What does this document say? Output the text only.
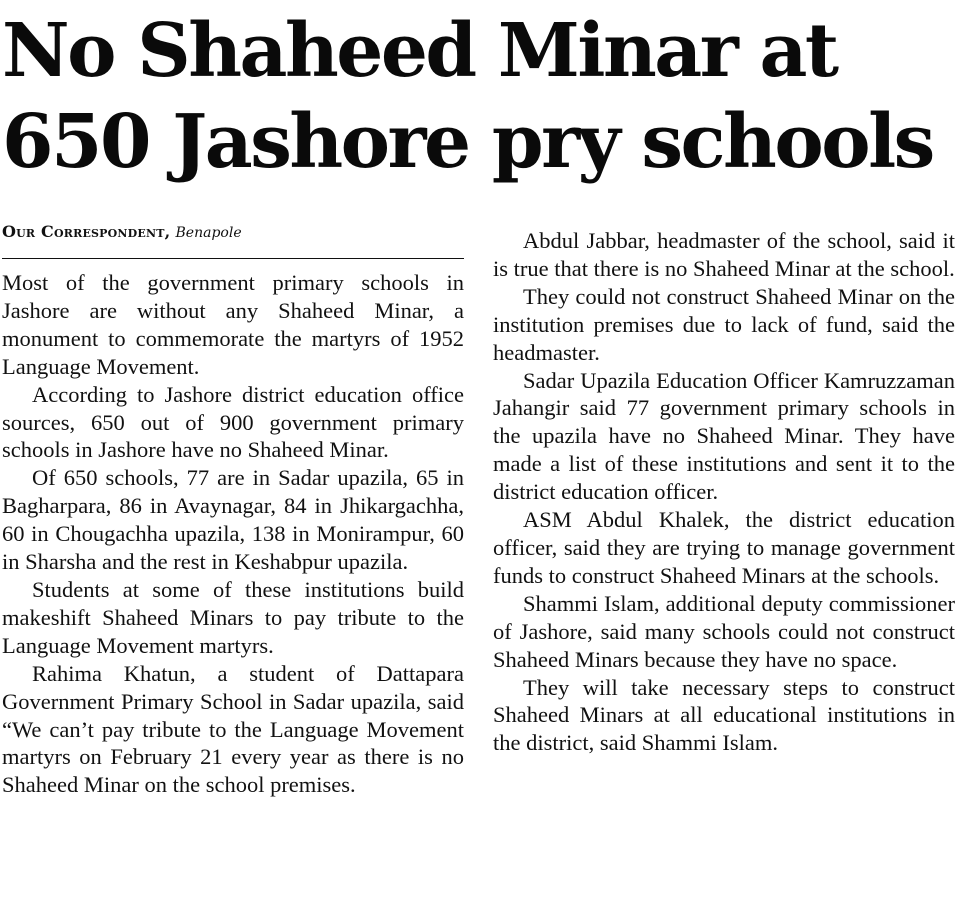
No Shaheed Minar at
650 Jashore pry schools
Our Correspondent, Benapole

Most of the government primary schools in Jashore are without any Shaheed Minar, a monument to commemorate the martyrs of 1952 Language Movement.

According to Jashore district education office sources, 650 out of 900 government primary schools in Jashore have no Shaheed Minar.

Of 650 schools, 77 are in Sadar upazila, 65 in Bagharpara, 86 in Avaynagar, 84 in Jhikargachha, 60 in Chougachha upazila, 138 in Monirampur, 60 in Sharsha and the rest in Keshabpur upazila.

Students at some of these institutions build makeshift Shaheed Minars to pay tribute to the Language Movement martyrs.

Rahima Khatun, a student of Dattapara Government Primary School in Sadar upazila, said “We can’t pay tribute to the Language Movement martyrs on February 21 every year as there is no Shaheed Minar on the school premises.

Abdul Jabbar, headmaster of the school, said it is true that there is no Shaheed Minar at the school.

They could not construct Shaheed Minar on the institution premises due to lack of fund, said the headmaster.

Sadar Upazila Education Officer Kamruzzaman Jahangir said 77 government primary schools in the upazila have no Shaheed Minar. They have made a list of these institutions and sent it to the district education officer.

ASM Abdul Khalek, the district education officer, said they are trying to manage government funds to construct Shaheed Minars at the schools.

Shammi Islam, additional deputy commissioner of Jashore, said many schools could not construct Shaheed Minars because they have no space.

They will take necessary steps to construct Shaheed Minars at all educational institutions in the district, said Shammi Islam.
